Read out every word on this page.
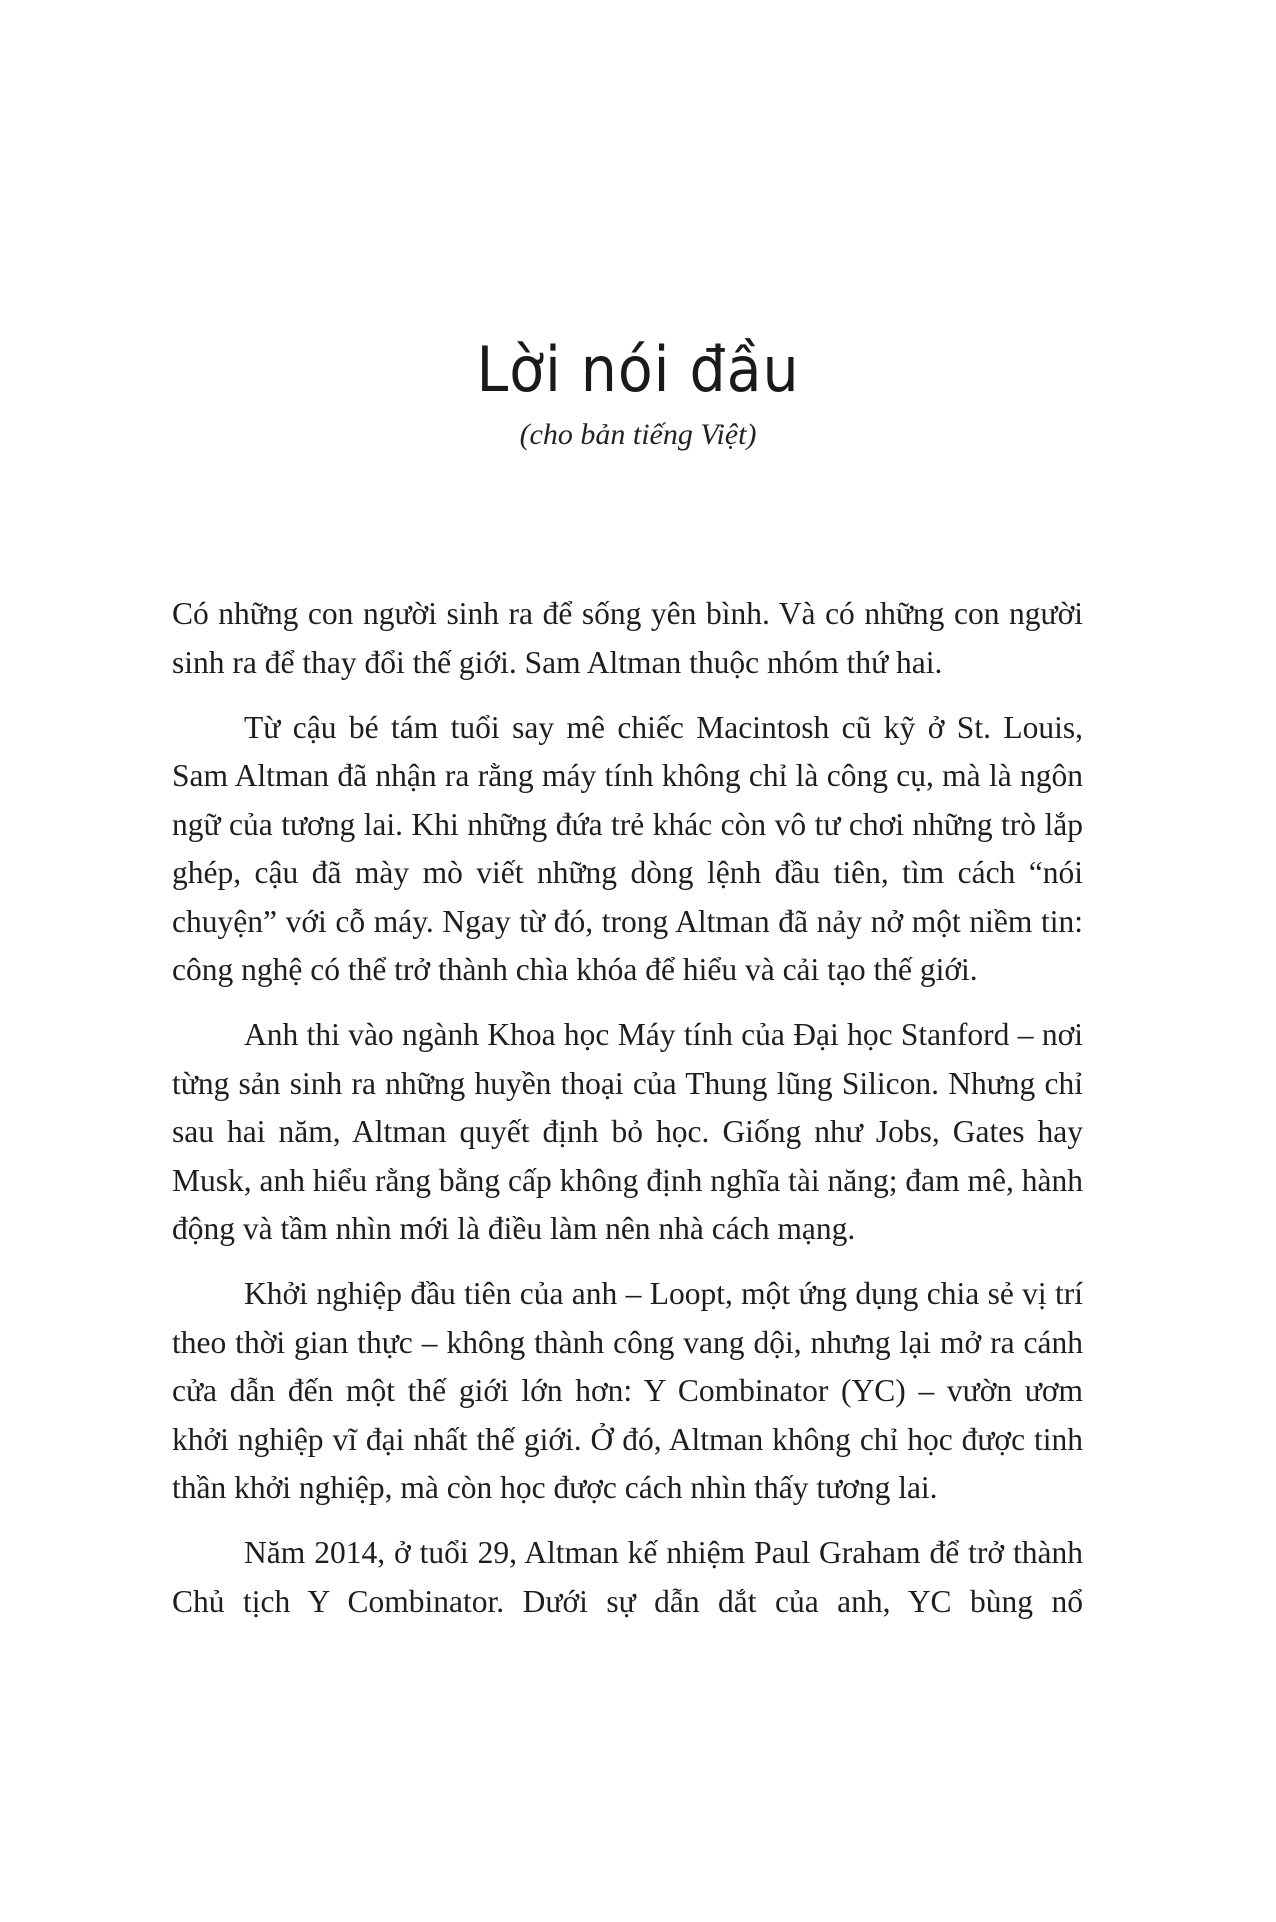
Lời nói đầu
(cho bản tiếng Việt)

Có những con người sinh ra để sống yên bình. Và có những con người sinh ra để thay đổi thế giới. Sam Altman thuộc nhóm thứ hai.

Từ cậu bé tám tuổi say mê chiếc Macintosh cũ kỹ ở St. Louis, Sam Altman đã nhận ra rằng máy tính không chỉ là công cụ, mà là ngôn ngữ của tương lai. Khi những đứa trẻ khác còn vô tư chơi những trò lắp ghép, cậu đã mày mò viết những dòng lệnh đầu tiên, tìm cách “nói chuyện” với cỗ máy. Ngay từ đó, trong Altman đã nảy nở một niềm tin: công nghệ có thể trở thành chìa khóa để hiểu và cải tạo thế giới.

Anh thi vào ngành Khoa học Máy tính của Đại học Stanford – nơi từng sản sinh ra những huyền thoại của Thung lũng Silicon. Nhưng chỉ sau hai năm, Altman quyết định bỏ học. Giống như Jobs, Gates hay Musk, anh hiểu rằng bằng cấp không định nghĩa tài năng; đam mê, hành động và tầm nhìn mới là điều làm nên nhà cách mạng.

Khởi nghiệp đầu tiên của anh – Loopt, một ứng dụng chia sẻ vị trí theo thời gian thực – không thành công vang dội, nhưng lại mở ra cánh cửa dẫn đến một thế giới lớn hơn: Y Combinator (YC) – vườn ươm khởi nghiệp vĩ đại nhất thế giới. Ở đó, Altman không chỉ học được tinh thần khởi nghiệp, mà còn học được cách nhìn thấy tương lai.

Năm 2014, ở tuổi 29, Altman kế nhiệm Paul Graham để trở thành Chủ tịch Y Combinator. Dưới sự dẫn dắt của anh, YC bùng nổ
